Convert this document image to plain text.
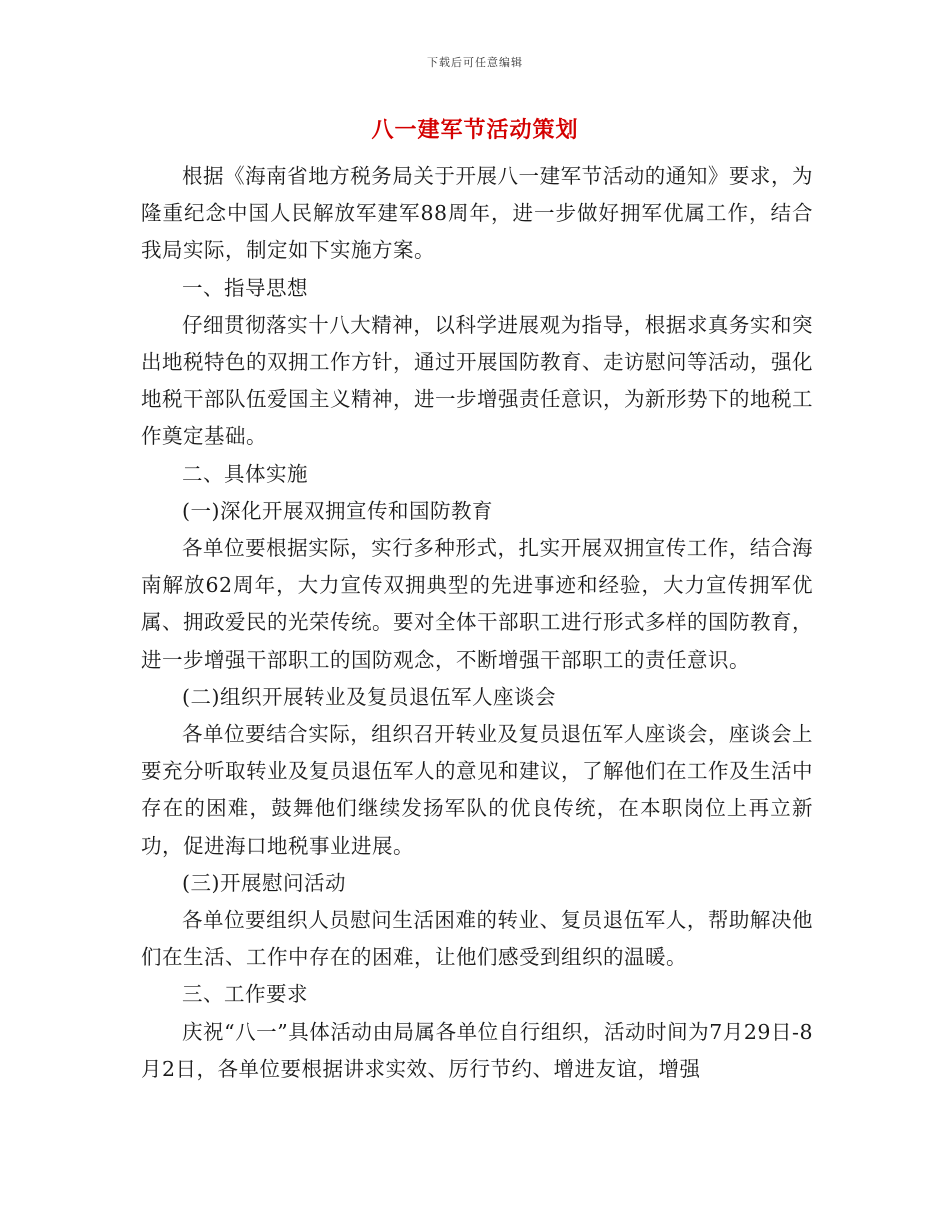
下载后可任意编辑
八一建军节活动策划

根据《海南省地方税务局关于开展八一建军节活动的通知》要求，为隆重纪念中国人民解放军建军88周年，进一步做好拥军优属工作，结合我局实际，制定如下实施方案。

一、指导思想

仔细贯彻落实十八大精神，以科学进展观为指导，根据求真务实和突出地税特色的双拥工作方针，通过开展国防教育、走访慰问等活动，强化地税干部队伍爱国主义精神，进一步增强责任意识，为新形势下的地税工作奠定基础。

二、具体实施

(一)深化开展双拥宣传和国防教育

各单位要根据实际，实行多种形式，扎实开展双拥宣传工作，结合海南解放62周年，大力宣传双拥典型的先进事迹和经验，大力宣传拥军优属、拥政爱民的光荣传统。要对全体干部职工进行形式多样的国防教育，进一步增强干部职工的国防观念，不断增强干部职工的责任意识。

(二)组织开展转业及复员退伍军人座谈会

各单位要结合实际，组织召开转业及复员退伍军人座谈会，座谈会上要充分听取转业及复员退伍军人的意见和建议，了解他们在工作及生活中存在的困难，鼓舞他们继续发扬军队的优良传统，在本职岗位上再立新功，促进海口地税事业进展。

(三)开展慰问活动

各单位要组织人员慰问生活困难的转业、复员退伍军人，帮助解决他们在生活、工作中存在的困难，让他们感受到组织的温暖。

三、工作要求

庆祝“八一”具体活动由局属各单位自行组织，活动时间为7月29日-8月2日，各单位要根据讲求实效、厉行节约、增进友谊，增强
